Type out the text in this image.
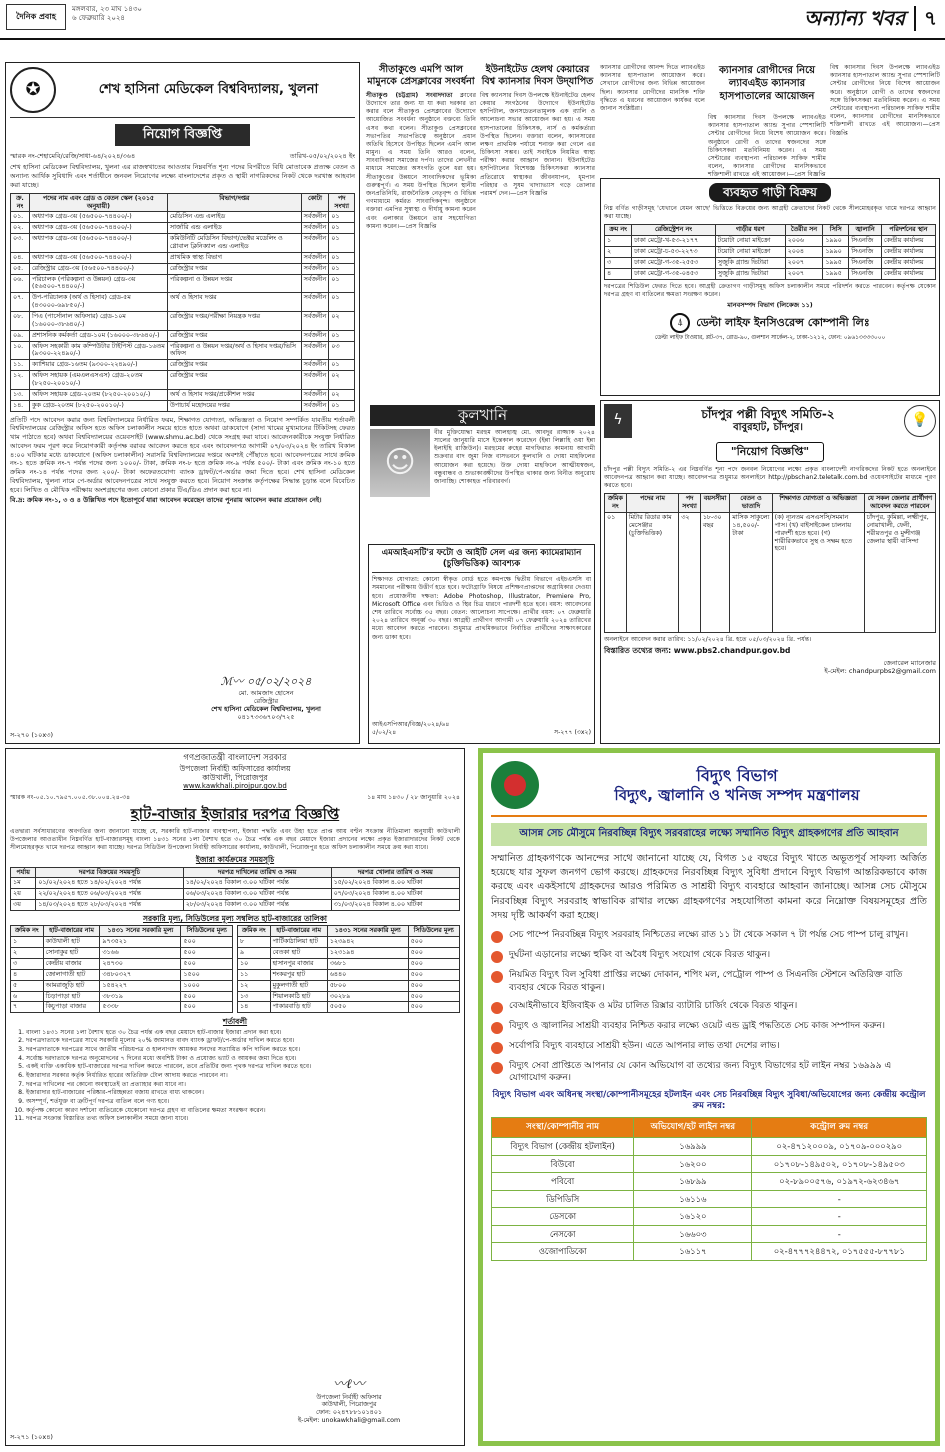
দৈনিক প্রবাহ
মঙ্গলবার, ২৩ মাঘ ১৪৩০
৬ ফেব্রুয়ারি ২০২৪	অন্যান্য খবর ৭
✪	শেখ হাসিনা মেডিকেল বিশ্ববিদ্যালয়, খুলনা
নিয়োগ বিজ্ঞপ্তি
স্মারক নং-শেহামেবি/রেজি/সাধা-৬৪/২০২৪/৩৬৪	তারিখ-০৫/০২/২০২৪ ইং
শেখ হাসিনা মেডিকেল বিশ্ববিদ্যালয়, খুলনা এর রাজস্বখাতের আওতায় নিম্নবর্ণিত শূন্য পদের বিপরীতে বিধি মোতাবেক প্রত্যক্ষ বেতন ও অন্যান্য আর্থিক সুবিধাদি এবং শর্তাধীনে জনবল নিয়োগের লক্ষ্যে বাংলাদেশের প্রকৃত ও স্থায়ী নাগরিকদের নিকট থেকে দরখাস্ত আহবান করা যাচ্ছে।
ক্র. নং	পদের নাম এবং গ্রেড ও বেতন স্কেল (২০১৫ অনুযায়ী)	বিভাগ/দপ্তর	কোটা	পদ সংখ্যা
০১.	অধ্যাপক গ্রেড-৩য় (৫৬৫০০-৭৪৪০০/-)	মেডিসিন এন্ড এলাইড	সর্বজনীন	০১
০২.	অধ্যাপক গ্রেড-৩য় (৫৬৫০০-৭৪৪০০/-)	সার্জারি এন্ড এলাইড	সর্বজনীন	০১
০৩.	অধ্যাপক গ্রেড-৩য় (৫৬৫০০-৭৪৪০০/-)	কমিউনিটি মেডিসিন বিভাগ/ভেক্টর মডেলিং ও গ্লোবাল ক্লিনিক্যাল এন্ড এলাইড	সর্বজনীন	০১
০৪.	অধ্যাপক গ্রেড-৩য় (৫৬৫০০-৭৪৪০০/-)	প্রাথমিক স্বাস্থ্য বিভাগ	সর্বজনীন	০১
০৫.	রেজিস্ট্রার গ্রেড-৩য় (৫৬৫০০-৭৪৪০০/-)	রেজিস্ট্রার দপ্তর	সর্বজনীন	০১
০৬.	পরিচালক (পরিকল্পনা ও উন্নয়ন) গ্রেড-৩য় (৫৬৫০০-৭৪৪০০/-)	পরিকল্পনা ও উন্নয়ন দপ্তর	সর্বজনীন	০১
০৭.	উপ-পরিচালক (অর্থ ও হিসাব) গ্রেড-৫ম (৪৩০০০-৬৯৮৫০/-)	অর্থ ও হিসাব দপ্তর	সর্বজনীন	০১
০৮.	পিএ (পার্সোনাল অফিসার) গ্রেড-১০ম (১৬০০০-৩৮৬৪০/-)	রেজিস্ট্রার দপ্তর/পরীক্ষা নিয়ন্ত্রক দপ্তর	সর্বজনীন	০২
০৯.	প্রশাসনিক কর্মকর্তা গ্রেড-১০ম (১৬০০০-৩৮৬৪০/-)	রেজিস্ট্রার দপ্তর	সর্বজনীন	০১
১০.	অফিস সহকারী কাম কম্পিউটার টাইপিস্ট গ্রেড-১৬তম (৯৩০০-২২৪৯০/-)	পরিকল্পনা ও উন্নয়ন দপ্তর/অর্থ ও হিসাব দপ্তর/ভিসি অফিস	সর্বজনীন	০৩
১১.	ক্যাশিয়ার গ্রেড-১৬তম (৯৩০০-২২৪৯০/-)	রেজিস্ট্রার দপ্তর	সর্বজনীন	০১
১২.	অফিস সহায়ক (এমএলএসএস) গ্রেড-২০তম (৮২৫০-২০০১০/-)	রেজিস্ট্রার দপ্তর	সর্বজনীন	০২
১৩.	অফিস সহায়ক গ্রেড-২০তম (৮২৫০-২০০১০/-)	অর্থ ও হিসাব দপ্তর/প্রকৌশল দপ্তর	সর্বজনীন	০২
১৪.	কুক গ্রেড-২০তম (৮২৫০-২০০১০/-)	উপাচার্য মহোদয়ের দপ্তর	সর্বজনীন	০১
প্রতিটি পদে আবেদন করার জন্য বিশ্ববিদ্যালয়ের নির্ধারিত ফরম, শিক্ষাগত যোগ্যতা, অভিজ্ঞতা ও নিয়োগ সম্পর্কিত যাবতীয় শর্তাবলী বিশ্ববিদ্যালয়ের রেজিস্ট্রার অফিস হতে অফিস চলাকালীন সময়ে হাতে হাতে অথবা ডাকযোগে (সাদা খামের মুখ্যমানের টিকিটসহ ফেরত খাম পাঠাতে হবে) অথবা বিশ্ববিদ্যালয়ের ওয়েবসাইট (www.shmu.ac.bd) থেকে সংগ্রহ করা যাবে। আবেদনকারীকে সংযুক্ত নির্ধারিত আবেদন ফরম পূরণ করে নিয়োগকারী কর্তৃপক্ষ বরাবর আবেদন করতে হবে এবং আবেদনপত্র আগামী ০৭/০৩/২০২৪ ইং তারিখ বিকাল ৪:০০ ঘটিকার মধ্যে ডাকযোগে (অফিস চলাকালীন) সরাসরি বিশ্ববিদ্যালয়ের দপ্তরে অবশ্যই পৌঁছাতে হবে। আবেদনপত্রের সাথে ক্রমিক নং-১ হতে ক্রমিক নং-৭ পর্যন্ত পদের জন্য ১০০০/- টাকা, ক্রমিক নং-৮ হতে ক্রমিক নং-৯ পর্যন্ত ৫০০/- টাকা এবং ক্রমিক নং-১০ হতে ক্রমিক নং-১৪ পর্যন্ত পদের জন্য ২০০/- টাকা অফেরতযোগ্য ব্যাংক ড্রাফট/পে-অর্ডার জমা দিতে হবে। শেখ হাসিনা মেডিকেল বিশ্ববিদ্যালয়, খুলনা নামে পে-অর্ডার আবেদনপত্রের সাথে সংযুক্ত করতে হবে। নিয়োগ সংক্রান্ত কর্তৃপক্ষের সিদ্ধান্ত চূড়ান্ত বলে বিবেচিত হবে। লিখিত ও মৌখিক পরীক্ষায় অংশগ্রহণের জন্য কোনো প্রকার টিএ/ডিএ প্রদান করা হবে না।
বি.দ্র: ক্রমিক নং-১, ৩ ও ৪ উল্লিখিত পদে ইতোপূর্বে যারা আবেদন করেছেন তাদের পুনরায় আবেদন করার প্রয়োজন নেই।
ℳ〰 ০৫/০২/২০২৪
মো. আমজাদ হোসেন
রেজিস্ট্রার
শেখ হাসিনা মেডিকেল বিশ্ববিদ্যালয়, খুলনা
০৪১৭৩৩৬৭০৩/৭২৫
স-২৭০ (১০x৩)
সীতাকুণ্ডে এমপি আল মামুনকে প্রেসক্লাবের সংবর্ধনা
সীতাকুণ্ড (চট্টগ্রাম) সংবাদদাতা ক্লাবের উদ্যোগে তার জন্য যা যা করা দরকার তা করার বলে সীতাকুণ্ড প্রেসক্লাবের উদ্যোগে আয়োজিত সংবর্ধনা অনুষ্ঠানে বক্তব্যে তিনি এসব কথা বলেন। সীতাকুণ্ড প্রেসক্লাবের সভাপতির সভাপতিত্বে অনুষ্ঠানে প্রধান অতিথি হিসেবে উপস্থিত ছিলেন এমপি আল মামুন। এ সময় তিনি আরও বলেন, সাংবাদিকরা সমাজের দর্পণ। তাদের লেখনীর মাধ্যমে সমাজের অসংগতি তুলে ধরা হয়। সীতাকুণ্ডের উন্নয়নে সাংবাদিকদের ভূমিকা গুরুত্বপূর্ণ। এ সময় উপস্থিত ছিলেন স্থানীয় জনপ্রতিনিধি, রাজনৈতিক নেতৃবৃন্দ ও বিভিন্ন গণমাধ্যমে কর্মরত সাংবাদিকবৃন্দ। অনুষ্ঠানে বক্তারা এমপির সুস্বাস্থ্য ও দীর্ঘায়ু কামনা করেন এবং এলাকার উন্নয়নে তার সহযোগিতা কামনা করেন।—প্রেস বিজ্ঞপ্তি
ইউনাইটেড হেলথ কেয়ারের বিশ্ব ক্যানসার দিবস উদ্‌যাপিত
বিশ্ব ক্যানসার দিবস উপলক্ষে ইউনাইটেড হেলথ কেয়ার সংগঠনের উদ্যোগে ইউনাইটেড হসপিটাল, জনসচেতনতামূলক এক ব়্যালি ও আলোচনা সভার আয়োজন করা হয়। এ সময় হাসপাতালের চিকিৎসক, নার্স ও কর্মকর্তারা উপস্থিত ছিলেন। বক্তারা বলেন, ক্যানসারের লক্ষণ প্রাথমিক পর্যায়ে শনাক্ত করা গেলে এর চিকিৎসা সম্ভব। তাই সবাইকে নিয়মিত স্বাস্থ্য পরীক্ষা করার আহ্বান জানান। ইউনাইটেড হসপিটালের বিশেষজ্ঞ চিকিৎসকরা ক্যানসার প্রতিরোধে স্বাস্থ্যকর জীবনযাপন, ধূমপান পরিহার ও সুষম খাদ্যাভ্যাস গড়ে তোলার পরামর্শ দেন।—প্রেস বিজ্ঞপ্তি
ক্যানসার রোগীদের আনন্দ দিতে ল্যাবএইড ক্যানসার হাসপাতাল আয়োজন করে। সেখানে রোগীদের জন্য বিভিন্ন আয়োজন ছিল। ক্যানসার রোগীদের মানসিক শক্তি বৃদ্ধিতে এ ধরনের আয়োজন কার্যকর বলে জানান সংশ্লিষ্টরা।
ক্যানসার রোগীদের নিয়ে ল্যাবএইড ক্যানসার হাসপাতালের আয়োজন
বিশ্ব ক্যানসার দিবস উপলক্ষে ল্যাবএইড ক্যানসার হাসপাতাল অ্যান্ড সুপার স্পেশালিটি সেন্টার রোগীদের নিয়ে বিশেষ আয়োজন করে। অনুষ্ঠানে রোগী ও তাদের স্বজনদের সঙ্গে চিকিৎসকরা মতবিনিময় করেন। এ সময় সেন্টারের ব্যবস্থাপনা পরিচালক সাকিফ শামীম বলেন, ক্যানসার রোগীদের মানসিকভাবে শক্তিশালী রাখতে এই আয়োজন।—প্রেস বিজ্ঞপ্তি
বিশ্ব ক্যানসার দিবস উপলক্ষে ল্যাবএইড ক্যানসার হাসপাতাল অ্যান্ড সুপার স্পেশালিটি সেন্টার রোগীদের নিয়ে বিশেষ আয়োজন করে। অনুষ্ঠানে রোগী ও তাদের স্বজনদের সঙ্গে চিকিৎসকরা মতবিনিময় করেন। এ সময় সেন্টারের ব্যবস্থাপনা পরিচালক সাকিফ শামীম বলেন, ক্যানসার রোগীদের মানসিকভাবে শক্তিশালী রাখতে এই আয়োজন।—প্রেস বিজ্ঞপ্তি
ব্যবহৃত গাড়ী বিক্রয়
নিম্ন বর্ণিত গাড়ীসমূহ 'যেখানে যেমন আছে' ভিত্তিতে বিক্রয়ের জন্য আগ্রহী ক্রেতাদের নিকট থেকে সীলমোহরকৃত খামে দরপত্র আহ্বান করা যাচ্ছে।
ক্রম নং	রেজিস্ট্রেশন নং	গাড়ীর ধরণ	তৈরীর সন	সিসি	জ্বালানি	পরিদর্শনের স্থান
১	ঢাকা মেট্রো-খ-৫৩-২১৭৭	টয়োটা নোয়া মাইক্রো	২০০৬	১৯৯০	সিএনজি	কেন্দ্রীয় কার্যালয়
২	ঢাকা মেট্রো-চ-৫৩-২২৭৩	টয়োটা নোয়া মাইক্রো	২০০৪	১৯৯০	সিএনজি	কেন্দ্রীয় কার্যালয়
৩	ঢাকা মেট্রো-গ-৩৫-২৫৫৩	সুজুকি গ্র্যান্ড ভিটারা	২০০৭	১৯৯৫	সিএনজি	কেন্দ্রীয় কার্যালয়
৪	ঢাকা মেট্রো-গ-৩৫-০৪৫৩	সুজুকি গ্র্যান্ড ভিটারা	২০০৭	১৯৯৫	সিএনজি	কেন্দ্রীয় কার্যালয়
দরপত্রের শিডিউল ফেরত দিতে হবে। আগ্রহী ক্রেতাগণ গাড়ীসমূহ অফিস চলাকালীন সময়ে পরিদর্শন করতে পারবেন। কর্তৃপক্ষ যেকোন দরপত্র গ্রহণ বা বাতিলের ক্ষমতা সংরক্ষণ করেন।
মানবসম্পদ বিভাগ (লিকেজ ১১)
⍋	ডেল্টা লাইফ ইনসিওরেন্স কোম্পানী লিঃ
ডেল্টা লাইফ টাওয়ার, প্লট-৩৭, রোড-৯০, গুলশান সার্কেল-২, ঢাকা-১২১২, ফোন: ০৯৬১৩৩৩৩০০০
কুলখানি
☺
বীর মুক্তিযোদ্ধা মরহুম আলহাজ্ব মো. আবদুর রাজ্জাক ২০২৪ সালের জানুয়ারি মাসে ইন্তেকাল করেছেন (ইন্না লিল্লাহি ওয়া ইন্না ইলাইহি রাজিউন)। মরহুমের রুহের মাগফিরাত কামনায় আগামী শুক্রবার বাদ জুমা নিজ বাসভবনে কুলখানি ও দোয়া মাহফিলের আয়োজন করা হয়েছে। উক্ত দোয়া মাহফিলে আত্মীয়স্বজন, বন্ধুবান্ধব ও শুভাকাঙ্ক্ষীদের উপস্থিত থাকার জন্য বিনীত অনুরোধ জানাচ্ছি। শোকাহত পরিবারবর্গ।
এমআইএসটি'র ফটো ও আইটি সেল এর জন্য ক্যামেরাম্যান (চুক্তিভিত্তিক) আবশ্যক
শিক্ষাগত যোগ্যতা: কোনো স্বীকৃত বোর্ড হতে কমপক্ষে দ্বিতীয় বিভাগে এইচএসসি বা সমমানের পরীক্ষায় উত্তীর্ণ হতে হবে। ফটোগ্রাফি বিষয়ে প্রশিক্ষণপ্রাপ্তদের অগ্রাধিকার দেওয়া হবে। প্রয়োজনীয় দক্ষতা: Adobe Photoshop, Illustrator, Premiere Pro, Microsoft Office এবং ভিডিও ও স্থির চিত্র ধারণে পারদর্শী হতে হবে। বয়স: আবেদনের শেষ তারিখে সর্বোচ্চ ৩৫ বছর। বেতন: আলোচনা সাপেক্ষে। প্রার্থীর বয়স: ০৭ ফেব্রুয়ারি ২০২৪ তারিখে অনূর্ধ্ব ৩০ বছর। আগ্রহী প্রার্থীগণ আগামী ০৭ ফেব্রুয়ারি ২০২৪ তারিখের মধ্যে আবেদন করতে পারবেন। শুধুমাত্র প্রাথমিকভাবে নির্বাচিত প্রার্থীদের সাক্ষাৎকারের জন্য ডাকা হবে।
আইএসপিআর/বিজ্ঞ/২০২৪/৬৪
৫/০২/২৪	স-২৭৭ (৩x২)
ϟ	চাঁদপুর পল্লী বিদ্যুৎ সমিতি-২
বাবুরহাট, চাঁদপুর।	💡
"নিয়োগ বিজ্ঞপ্তি"
চাঁদপুর পল্লী বিদ্যুৎ সমিতি-২ এর নিম্নবর্ণিত শূন্য পদে জনবল নিয়োগের লক্ষ্যে প্রকৃত বাংলাদেশী নাগরিকদের নিকট হতে অনলাইনে আবেদনপত্র আহ্বান করা যাচ্ছে। আবেদনপত্র শুধুমাত্র অনলাইনে http://pbschan2.teletalk.com.bd ওয়েবসাইটের মাধ্যমে পূরণ করতে হবে।
ক্রমিক নং	পদের নাম	পদ সংখ্যা	বয়সসীমা	বেতন ও ভাতাদি	শিক্ষাগত যোগ্যতা ও অভিজ্ঞতা	যে সকল জেলার প্রার্থীগণ আবেদন করতে পারবেন
০১	মিটার রিডার কাম মেসেঞ্জার (চুক্তিভিত্তিক)	৩২	১৮-৩০ বছর	মাসিক সাকুল্যে ১৪,৫০০/- টাকা	(ক) ন্যূনতম এসএসসি/সমমান পাস। (খ) বাইসাইকেল চালনায় পারদর্শী হতে হবে। (গ) শারীরিকভাবে সুস্থ ও সক্ষম হতে হবে।	চাঁদপুর, কুমিল্লা, লক্ষ্মীপুর, নোয়াখালী, ফেনী, শরীয়তপুর ও মুন্সীগঞ্জ জেলার স্থায়ী বাসিন্দা
অনলাইনে আবেদন করার তারিখ: ১১/০২/২০২৪ খ্রি. হতে ০৫/০৩/২০২৪ খ্রি. পর্যন্ত।
বিস্তারিত তথ্যের জন্য: www.pbs2.chandpur.gov.bd
জেনারেল ম্যানেজার
ই-মেইল: chandpurpbs2@gmail.com
গণপ্রজাতন্ত্রী বাংলাদেশ সরকার
উপজেলা নির্বাহী অফিসারের কার্যালয়
কাউখালী, পিরোজপুর
www.kawkhali.pirojpur.gov.bd
স্মারক নং-০৫.১০.৭৯৫৭.০০৫.৩৮.০০৪.২৪-৩৪	১৪ মাঘ ১৪৩০ / ২৮ জানুয়ারি ২০২৪
হাট-বাজার ইজারার দরপত্র বিজ্ঞপ্তি
এতদ্বারা সর্বসাধারণের অবগতির জন্য জানানো যাচ্ছে যে, সরকারি হাট-বাজার ব্যবস্থাপনা, ইজারা পদ্ধতি এবং উহা হতে প্রাপ্ত আয় বণ্টন সংক্রান্ত নীতিমালা অনুযায়ী কাউখালী উপজেলার আওতাধীন নিম্নবর্ণিত হাট-বাজারসমূহ বাংলা ১৪৩১ সনের ১লা বৈশাখ হতে ৩০ চৈত্র পর্যন্ত এক বছর মেয়াদে ইজারা প্রদানের লক্ষ্যে প্রকৃত ইজারাদারদের নিকট থেকে সীলমোহরকৃত খামে দরপত্র আহ্বান করা যাচ্ছে। দরপত্র সিডিউল উপজেলা নির্বাহী অফিসারের কার্যালয়, কাউখালী, পিরোজপুর হতে অফিস চলাকালীন সময়ে ক্রয় করা যাবে।
ইজারা কার্যক্রমের সময়সূচি
পর্যায়	দরপত্র বিক্রয়ের সময়সূচি	দরপত্র দাখিলের তারিখ ও সময়	দরপত্র খোলার তারিখ ও সময়
১ম	০১/০২/২০২৪ হতে ১৪/০২/২০২৪ পর্যন্ত	১৪/০২/২০২৪ বিকাল ৩.০০ ঘটিকা পর্যন্ত	১৫/০২/২০২৪ বিকাল ৪.০০ ঘটিকা
২য়	২২/০২/২০২৪ হতে ০৬/০৩/২০২৪ পর্যন্ত	০৬/০৩/২০২৪ বিকাল ৩.০০ ঘটিকা পর্যন্ত	০৭/০৩/২০২৪ বিকাল ৪.০০ ঘটিকা
৩য়	১৪/০৩/২০২৪ হতে ২৮/০৩/২০২৪ পর্যন্ত	২৮/০৩/২০২৪ বিকাল ৩.০০ ঘটিকা পর্যন্ত	৩১/০৩/২০২৪ বিকাল ৪.০০ ঘটিকা
সরকারি মূল্য, সিডিউলের মূল্য সম্বলিত হাট-বাজারের তালিকা
ক্রমিক নং	হাট-বাজারের নাম	১৪৩১ সনের সরকারি মূল্য	সিডিউলের মূল্য
১	কাউখালী হাট	৯৭৩৫২১	৫০০
২	সোনাকুর হাট	৩১৬৬	৫০০
৩	কেন্দ্রীয় বাজার	২৪৭৩০	৫০০
৪	জোলাগাতী হাট	৩৪৮০৩২৭	১৫০০
৫	আমরাজুড়ি হাট	১৫৪২২৭	১০০০
৬	চিড়াপাড়া হাট	৩৮৩১৯	৫০০
৭	কিচুপাড়া বাজার	৫৩৩৮	৫০০
ক্রমিক নং	হাট-বাজারের নাম	১৪৩১ সনের সরকারি মূল্য	সিডিউলের মূল্য
৮	পার্টিকাঠালিয়া হাট	১২৩৯৪২	৫০০
৯	বেতকা হাট	১২৩১৯৪	৫০০
১০	হাসানপুর বাজার	৩৬৮১	৫০০
১১	শংকরপুর হাট	৬৪৪০	৫০০
১২	মুকুলগাতী হাট	৫৮০০	৫০০
১৩	শিয়ালকাঠি হাট	৩০২৮৯	৫০০
১৪	পাকারবাড়ি হাট	৫০৫০	৫০০
শর্তাবলী
1. বাংলা ১৪৩১ সনের ১লা বৈশাখ হতে ৩০ চৈত্র পর্যন্ত এক বছর মেয়াদে হাট-বাজার ইজারা প্রদান করা হবে।
2. দরপত্রদাতাকে দরপত্রের সাথে সরকারি মূল্যের ২০% জামানত বাবদ ব্যাংক ড্রাফট/পে-অর্ডার দাখিল করতে হবে।
3. দরপত্রদাতাকে দরপত্রের সাথে জাতীয় পরিচয়পত্র ও হালনাগাদ আয়কর সনদের সত্যায়িত কপি দাখিল করতে হবে।
4. সর্বোচ্চ দরদাতাকে দরপত্র অনুমোদনের ৭ দিনের মধ্যে অবশিষ্ট টাকা ও প্রযোজ্য ভ্যাট ও আয়কর জমা দিতে হবে।
5. একই ব্যক্তি একাধিক হাট-বাজারের দরপত্র দাখিল করতে পারবেন, তবে প্রতিটির জন্য পৃথক দরপত্র দাখিল করতে হবে।
6. ইজারাদার সরকার কর্তৃক নির্ধারিত হারের অতিরিক্ত টোল আদায় করতে পারবেন না।
7. দরপত্র দাখিলের পর কোনো অবস্থাতেই তা প্রত্যাহার করা যাবে না।
8. ইজারাদার হাট-বাজারের পরিষ্কার-পরিচ্ছন্নতা বজায় রাখতে বাধ্য থাকবেন।
9. অসম্পূর্ণ, শর্তযুক্ত বা ত্রুটিপূর্ণ দরপত্র বাতিল বলে গণ্য হবে।
10. কর্তৃপক্ষ কোনো কারণ দর্শানো ব্যতিরেকে যেকোনো দরপত্র গ্রহণ বা বাতিলের ক্ষমতা সংরক্ষণ করেন।
11. দরপত্র সংক্রান্ত বিস্তারিত তথ্য অফিস চলাকালীন সময়ে জানা যাবে।
〰ℓ〰
উপজেলা নির্বাহী অফিসার
কাউখালী, পিরোজপুর
ফোন: ০২৪৭৮৮১০১৪০১
ই-মেইল: unokawkhali@gmail.com
স-২৭১ (১০x৪)
বিদ্যুৎ বিভাগ
বিদ্যুৎ, জ্বালানি ও খনিজ সম্পদ মন্ত্রণালয়
আসন্ন সেচ মৌসুমে নিরবচ্ছিন্ন বিদ্যুৎ সরবরাহের লক্ষ্যে সম্মানিত বিদ্যুৎ গ্রাহকগণের প্রতি আহবান
সম্মানিত গ্রাহকগণকে আনন্দের সাথে জানানো যাচ্ছে যে, বিগত ১৫ বছরে বিদ্যুৎ খাতে অভূতপূর্ব সাফল্য অর্জিত হয়েছে যার সুফল জনগণ ভোগ করছে। গ্রাহকদের নিরবচ্ছিন্ন বিদ্যুৎ সুবিধা প্রদানে বিদ্যুৎ বিভাগ আন্তরিকভাবে কাজ করছে এবং একইসাথে গ্রাহকদের আরও পরিমিত ও সাশ্রয়ী বিদ্যুৎ ব্যবহারে আহবান জানাচ্ছে। আসন্ন সেচ মৌসুমে নিরবচ্ছিন্ন বিদ্যুৎ সরবরাহ স্বাভাবিক রাখার লক্ষ্যে গ্রাহকগণের সহযোগিতা কামনা করে নিম্নোক্ত বিষয়সমূহের প্রতি সদয় দৃষ্টি আকর্ষণ করা হচ্ছে।
সেচ পাম্পে নিরবচ্ছিন্ন বিদ্যুৎ সরবরাহ নিশ্চিতের লক্ষ্যে রাত ১১ টা থেকে সকাল ৭ টা পর্যন্ত সেচ পাম্প চালু রাখুন।
দুর্ঘটনা এড়ানোর লক্ষ্যে হুকিং বা অবৈধ বিদ্যুৎ সংযোগ থেকে বিরত থাকুন।
নিয়মিত বিদ্যুৎ বিল সুবিধা প্রাপ্তির লক্ষ্যে দোকান, শপিং মল, পেট্রোল পাম্প ও সিএনজি স্টেশনে অতিরিক্ত বাতি ব্যবহার থেকে বিরত থাকুন।
বেআইনীভাবে ইজিবাইক ও মটর চালিত রিক্সার ব্যাটারি চার্জিং থেকে বিরত থাকুন।
বিদ্যুৎ ও জ্বালানির সাশ্রয়ী ব্যবহার নিশ্চিত করার লক্ষ্যে ওয়েট এন্ড ড্রাই পদ্ধতিতে সেচ কাজ সম্পাদন করুন।
সর্বোপরি বিদ্যুৎ ব্যবহারে সাশ্রয়ী হউন। এতে আপনার লাভ তথা দেশের লাভ।
বিদ্যুৎ সেবা প্রাপ্তিতে আপনার যে কোন অভিযোগ বা তথ্যের জন্য বিদ্যুৎ বিভাগের হট লাইন নম্বর ১৬৯৯৯ এ যোগাযোগ করুন।
বিদ্যুৎ বিভাগ এবং অধিনস্থ সংস্থা/কোম্পানীসমূহের হটলাইন এবং সেচ নিরবচ্ছিন্ন বিদ্যুৎ সুবিধা/অভিযোগের জন্য কেন্দ্রীয় কন্ট্রোল রুম নম্বর:
সংস্থা/কোম্পানীর নাম	অভিযোগ/হট লাইন নম্বর	কন্ট্রোল রুম নম্বর
বিদ্যুৎ বিভাগ (কেন্দ্রীয় হটলাইন)	১৬৯৯৯	০২-৪৭১২০০০৯, ০১৭০৯-০০০২৯০
বিউবো	১৬২০০	০১৭০৮-১৪৯৫০২, ০১৭০৮-১৪৯৫০৩
পবিবো	১৬৮৯৯	০২-৮৯০০৫৭৬, ০১৯৭২-৬২৩৪৬৭
ডিপিডিসি	১৬১১৬	-
ডেসকো	১৬১২০	-
নেসকো	১৬৬০৩	-
ওজোপাডিকো	১৬১১৭	০২-৪৭৭৭২৪৪৭২, ০১৭৫৫৫-৮৭৭৮১
